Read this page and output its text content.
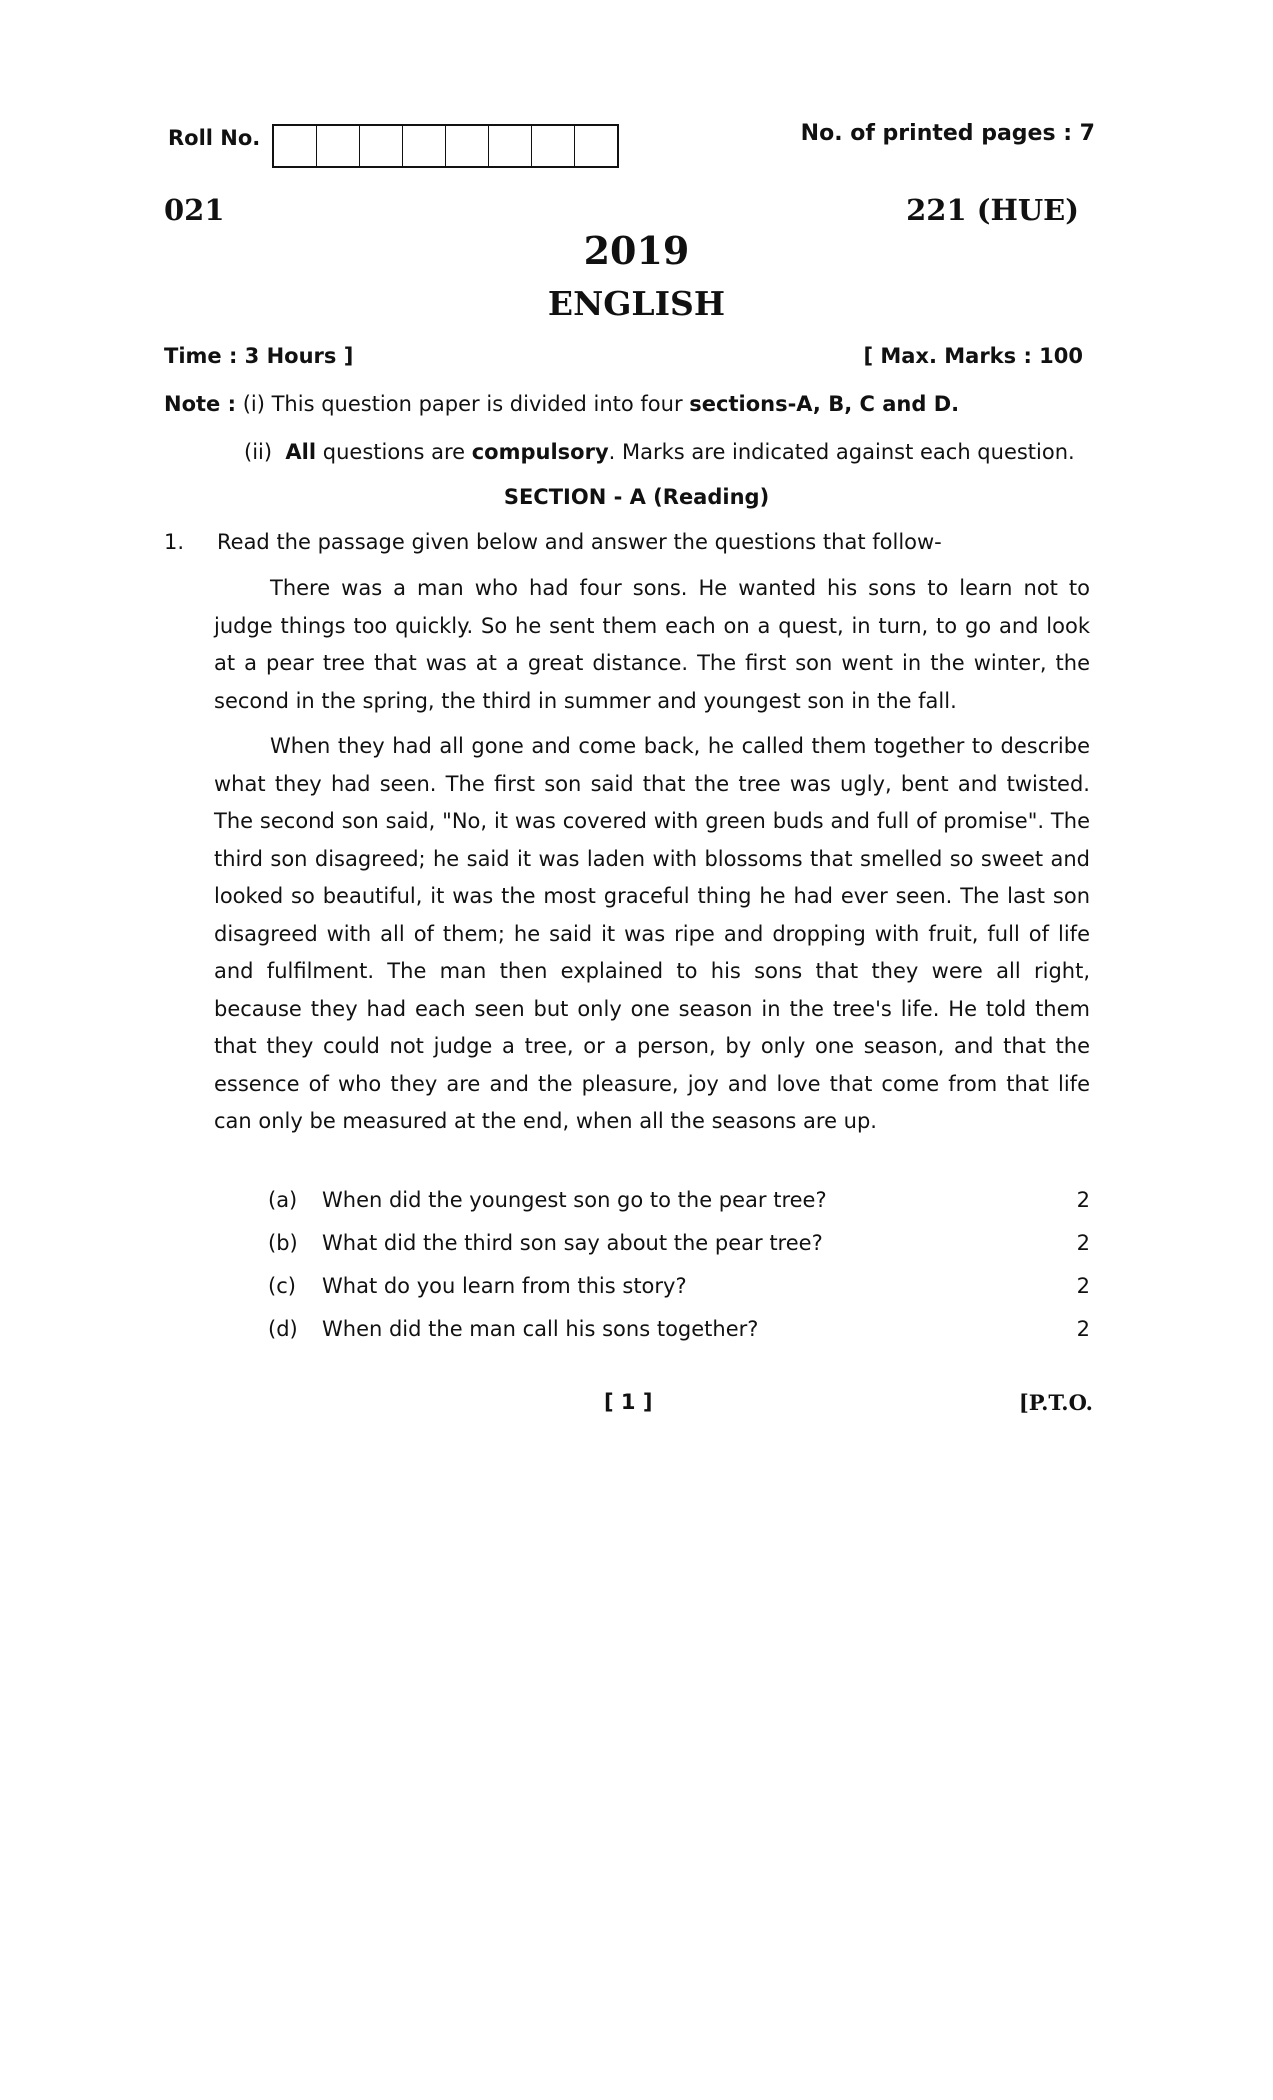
Roll No.	No. of printed pages : 7
021	221 (HUE)
2019
ENGLISH
Time : 3 Hours ]	[ Max. Marks : 100
Note : (i) This question paper is divided into four sections-A, B, C and D.
(ii) All questions are compulsory. Marks are indicated against each question.
SECTION - A (Reading)
1. Read the passage given below and answer the questions that follow-

There was a man who had four sons. He wanted his sons to learn not to judge things too quickly. So he sent them each on a quest, in turn, to go and look at a pear tree that was at a great distance. The first son went in the winter, the second in the spring, the third in summer and youngest son in the fall.

When they had all gone and come back, he called them together to describe what they had seen. The first son said that the tree was ugly, bent and twisted. The second son said, "No, it was covered with green buds and full of promise". The third son disagreed; he said it was laden with blossoms that smelled so sweet and looked so beautiful, it was the most graceful thing he had ever seen. The last son disagreed with all of them; he said it was ripe and dropping with fruit, full of life and fulfilment. The man then explained to his sons that they were all right, because they had each seen but only one season in the tree's life. He told them that they could not judge a tree, or a person, by only one season, and that the essence of who they are and the pleasure, joy and love that come from that life can only be measured at the end, when all the seasons are up.

(a)	When did the youngest son go to the pear tree?	2
(b)	What did the third son say about the pear tree?	2
(c)	What do you learn from this story?	2
(d)	When did the man call his sons together?	2
[ 1 ]	[P.T.O.
